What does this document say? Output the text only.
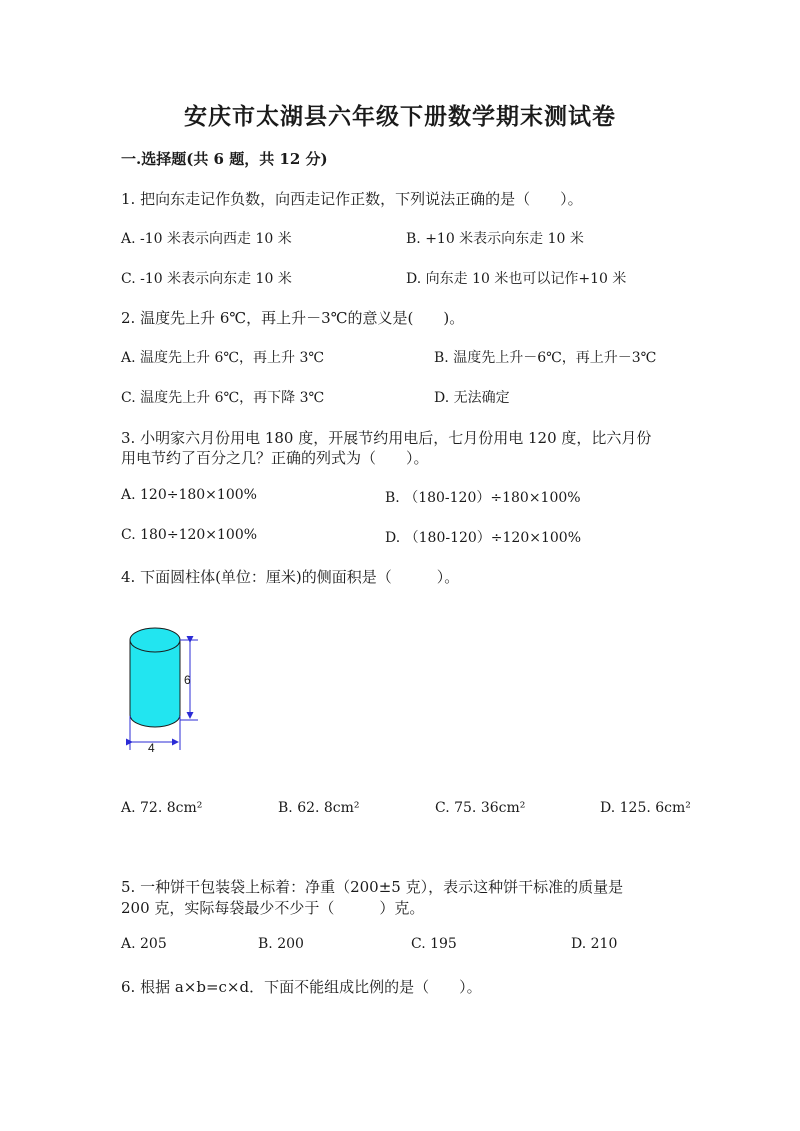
安庆市太湖县六年级下册数学期末测试卷
一.选择题(共 6 题，共 12 分)
1. 把向东走记作负数，向西走记作正数，下列说法正确的是（　　）。
A. -10 米表示向西走 10 米	B. +10 米表示向东走 10 米
C. -10 米表示向东走 10 米	D. 向东走 10 米也可以记作+10 米
2. 温度先上升 6℃，再上升－3℃的意义是(　　)。
A. 温度先上升 6℃，再上升 3℃	B. 温度先上升－6℃，再上升－3℃
C. 温度先上升 6℃，再下降 3℃	D. 无法确定
3. 小明家六月份用电 180 度，开展节约用电后，七月份用电 120 度，比六月份
用电节约了百分之几？正确的列式为（　　）。
A. 120÷180×100%	B. （180-120）÷180×100%
C. 180÷120×100%	D. （180-120）÷120×100%
4. 下面圆柱体(单位：厘米)的侧面积是（　　　）。
6
4
A. 72. 8cm²	B. 62. 8cm²	C. 75. 36cm²	D. 125. 6cm²
5. 一种饼干包装袋上标着：净重（200±5 克），表示这种饼干标准的质量是
200 克，实际每袋最少不少于（　　　）克。
A. 205	B. 200	C. 195	D. 210
6. 根据 a×b=c×d．下面不能组成比例的是（　　）。
